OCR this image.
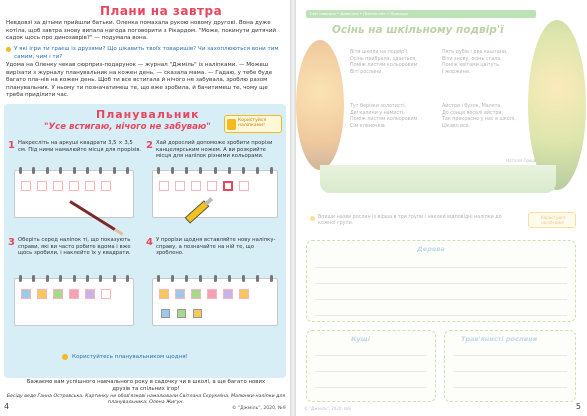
Плани на завтра
Невдовзі за дітьми прийшли батьки. Оленка помахала рукою новому другові. Вона дуже котіла, щоб завтра знову випала нагода поговорити з Рікардом. "Може, покинути дитячий садок щось про динозаврів?" — подумала вона.
У які ігри ти граєш із друзями? Що цікавить твоїх товаришів? Чи захоплюються вони тим самим, чим і ти?
Удома на Оленку чекав сюрприз-подарунок — журнал "Джміль" із наліпками. — Можеш вирізати з журналу планувальник на кожен день, — сказала мама. — Гадаю, у тебе буде багато пла-нів на кожен день. Щоб ти все встигала й нічого не забувала, зроблю разом планувальник. У ньому ти позначатимеш те, що вже зробила, й бачитимеш те, чому ще треба приділити час.
Планувальник
"Усе встигаю, нічого не забуваю"
Користуйся наліпками!
1 Накресліть на аркуші квадрати 3,5 × 3,5 см. Під ними намалюйте місця для прорізів. 2 Хай дорослий допоможе зробити прорізи канцелярським ножем. А ви розкрийте місця для наліпок різними кольорами.
3 Оберіть серед наліпок ті, що показують справи, які ви часто робите вдома і вже щось зробили, і наклейте їх у квадрати.
4 У прорізи щодня вставляйте нову наліпку-справу, а позначайте на ній те, що зроблено.
Користуйтесь планувальником щодня!
Бажаємо вам успішного навчального року в садочку чи в школі, а ще багато нових друзів та спільних ігор!
Бесіду веде Ганна Островська. Картинку не обов'язкові намалювали Світлана Сєрукміна. Малюнки-наліпки для планувальника: Олена Жигун.
4	© "Джміль", 2020, №9
Світ навколо • Довкілля • Пізнаю світ • Природа
Осінь на шкільному подвір'ї
Віти школи на подвір'ї
Осінь прибрала, здається,
Поміж листям кольоровим
Віті рослини.
Пять дубів і два каштани,
Віти знову, осінь стала,
Поміж квітами цвітуть
І жоржини.
Тут берізки золотисті,
Дві калини у намисті,
Поміж листям кольоровим
Сім кленочків.
Айстри і бузок, Малята,
До сонця веселі айстри,
Так прекрасно у нас в школі,
Цікаво все.
Наталія Гриць
Впиши назви рослин із вірша в три групи і наклей відповідні наліпки до кожної групи.
Користуйся наліпками!
Дерева
Кущі	Трав'янисті рослини
© "Джміль", 2020, №9	5
